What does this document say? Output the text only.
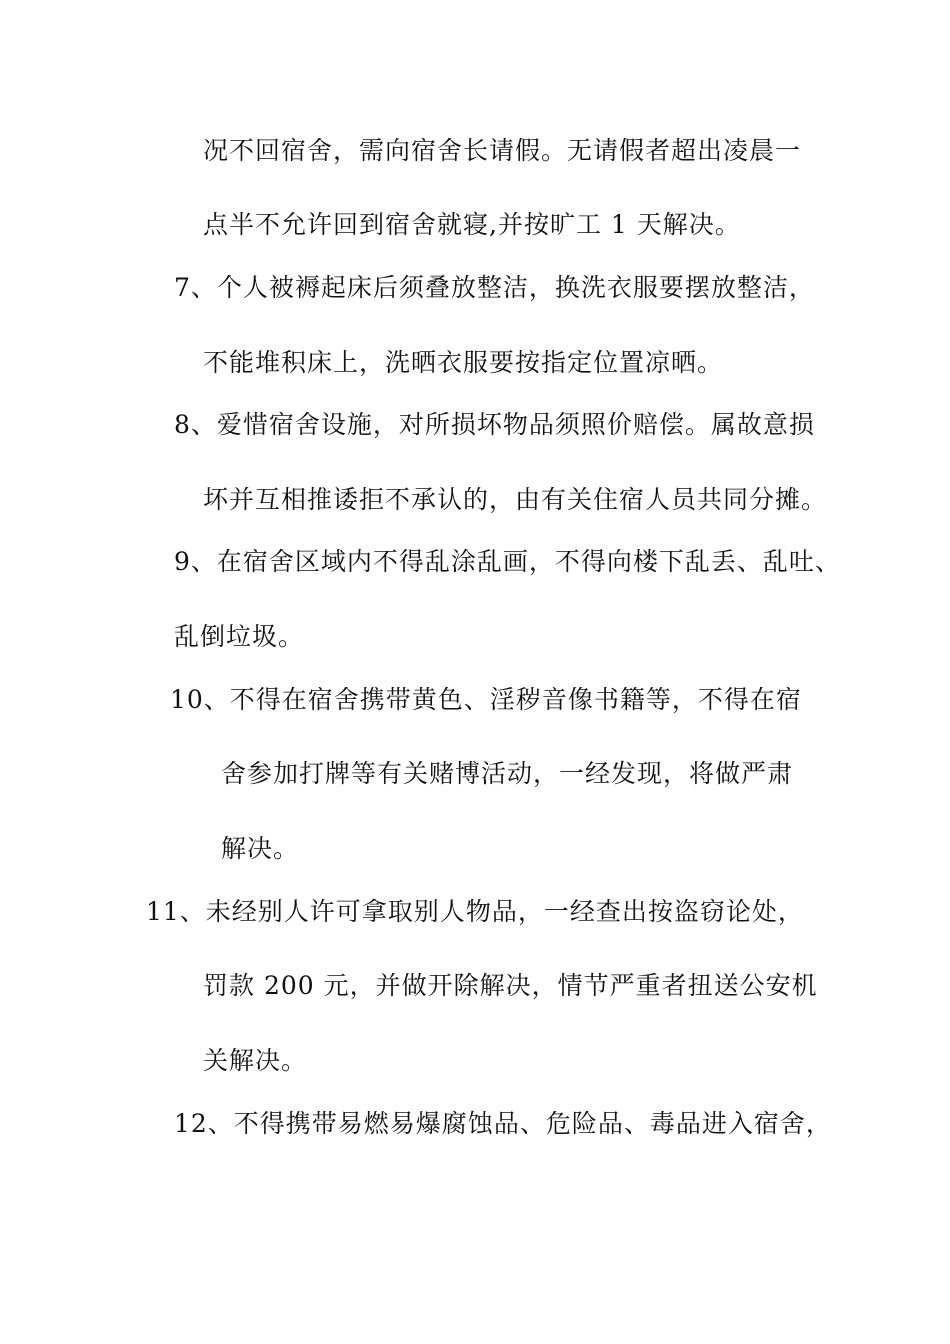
况不回宿舍，需向宿舍长请假。无请假者超出凌晨一
点半不允许回到宿舍就寝,并按旷工 1 天解决。
7、个人被褥起床后须叠放整洁，换洗衣服要摆放整洁，
不能堆积床上，洗晒衣服要按指定位置凉晒。
8、爱惜宿舍设施，对所损坏物品须照价赔偿。属故意损
坏并互相推诿拒不承认的，由有关住宿人员共同分摊。
9、在宿舍区域内不得乱涂乱画，不得向楼下乱丢、乱吐、
乱倒垃圾。
10、不得在宿舍携带黄色、淫秽音像书籍等，不得在宿
舍参加打牌等有关赌博活动，一经发现，将做严肃
解决。
11、未经别人许可拿取别人物品，一经查出按盗窃论处，
罚款 200 元，并做开除解决，情节严重者扭送公安机
关解决。
12、不得携带易燃易爆腐蚀品、危险品、毒品进入宿舍，
